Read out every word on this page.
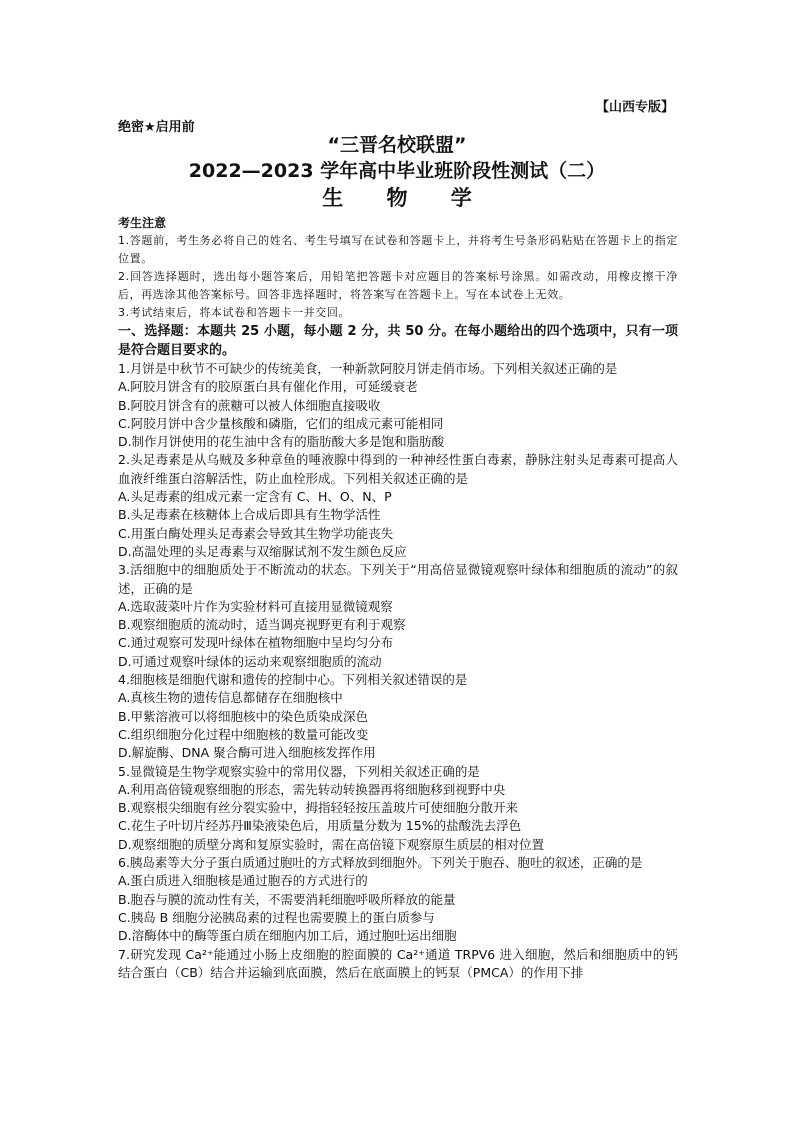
【山西专版】
绝密★启用前
“三晋名校联盟”
2022—2023 学年高中毕业班阶段性测试（二）
生 物 学
考生注意

1.答题前，考生务必将自己的姓名、考生号填写在试卷和答题卡上，并将考生号条形码粘贴在答题卡上的指定位置。

2.回答选择题时，选出每小题答案后，用铅笔把答题卡对应题目的答案标号涂黑。如需改动，用橡皮擦干净后，再选涂其他答案标号。回答非选择题时，将答案写在答题卡上。写在本试卷上无效。

3.考试结束后，将本试卷和答题卡一并交回。

一、选择题：本题共 25 小题，每小题 2 分，共 50 分。在每小题给出的四个选项中，只有一项是符合题目要求的。

1.月饼是中秋节不可缺少的传统美食，一种新款阿胶月饼走俏市场。下列相关叙述正确的是

A.阿胶月饼含有的胶原蛋白具有催化作用，可延缓衰老

B.阿胶月饼含有的蔗糖可以被人体细胞直接吸收

C.阿胶月饼中含少量核酸和磷脂，它们的组成元素可能相同

D.制作月饼使用的花生油中含有的脂肪酸大多是饱和脂肪酸

2.头足毒素是从乌贼及多种章鱼的唾液腺中得到的一种神经性蛋白毒素，静脉注射头足毒素可提高人血液纤维蛋白溶解活性，防止血栓形成。下列相关叙述正确的是

A.头足毒素的组成元素一定含有 C、H、O、N、P

B.头足毒素在核糖体上合成后即具有生物学活性

C.用蛋白酶处理头足毒素会导致其生物学功能丧失

D.高温处理的头足毒素与双缩脲试剂不发生颜色反应

3.活细胞中的细胞质处于不断流动的状态。下列关于“用高倍显微镜观察叶绿体和细胞质的流动”的叙述，正确的是

A.选取菠菜叶片作为实验材料可直接用显微镜观察

B.观察细胞质的流动时，适当调亮视野更有利于观察

C.通过观察可发现叶绿体在植物细胞中呈均匀分布

D.可通过观察叶绿体的运动来观察细胞质的流动

4.细胞核是细胞代谢和遗传的控制中心。下列相关叙述错误的是

A.真核生物的遗传信息都储存在细胞核中

B.甲紫溶液可以将细胞核中的染色质染成深色

C.组织细胞分化过程中细胞核的数量可能改变

D.解旋酶、DNA 聚合酶可进入细胞核发挥作用

5.显微镜是生物学观察实验中的常用仪器，下列相关叙述正确的是

A.利用高倍镜观察细胞的形态，需先转动转换器再将细胞移到视野中央

B.观察根尖细胞有丝分裂实验中，拇指轻轻按压盖玻片可使细胞分散开来

C.花生子叶切片经苏丹Ⅲ染液染色后，用质量分数为 15%的盐酸洗去浮色

D.观察细胞的质壁分离和复原实验时，需在高倍镜下观察原生质层的相对位置

6.胰岛素等大分子蛋白质通过胞吐的方式释放到细胞外。下列关于胞吞、胞吐的叙述，正确的是

A.蛋白质进入细胞核是通过胞吞的方式进行的

B.胞吞与膜的流动性有关，不需要消耗细胞呼吸所释放的能量

C.胰岛 B 细胞分泌胰岛素的过程也需要膜上的蛋白质参与

D.溶酶体中的酶等蛋白质在细胞内加工后，通过胞吐运出细胞

7.研究发现 Ca²⁺能通过小肠上皮细胞的腔面膜的 Ca²⁺通道 TRPV6 进入细胞，然后和细胞质中的钙结合蛋白（CB）结合并运输到底面膜，然后在底面膜上的钙泵（PMCA）的作用下排
